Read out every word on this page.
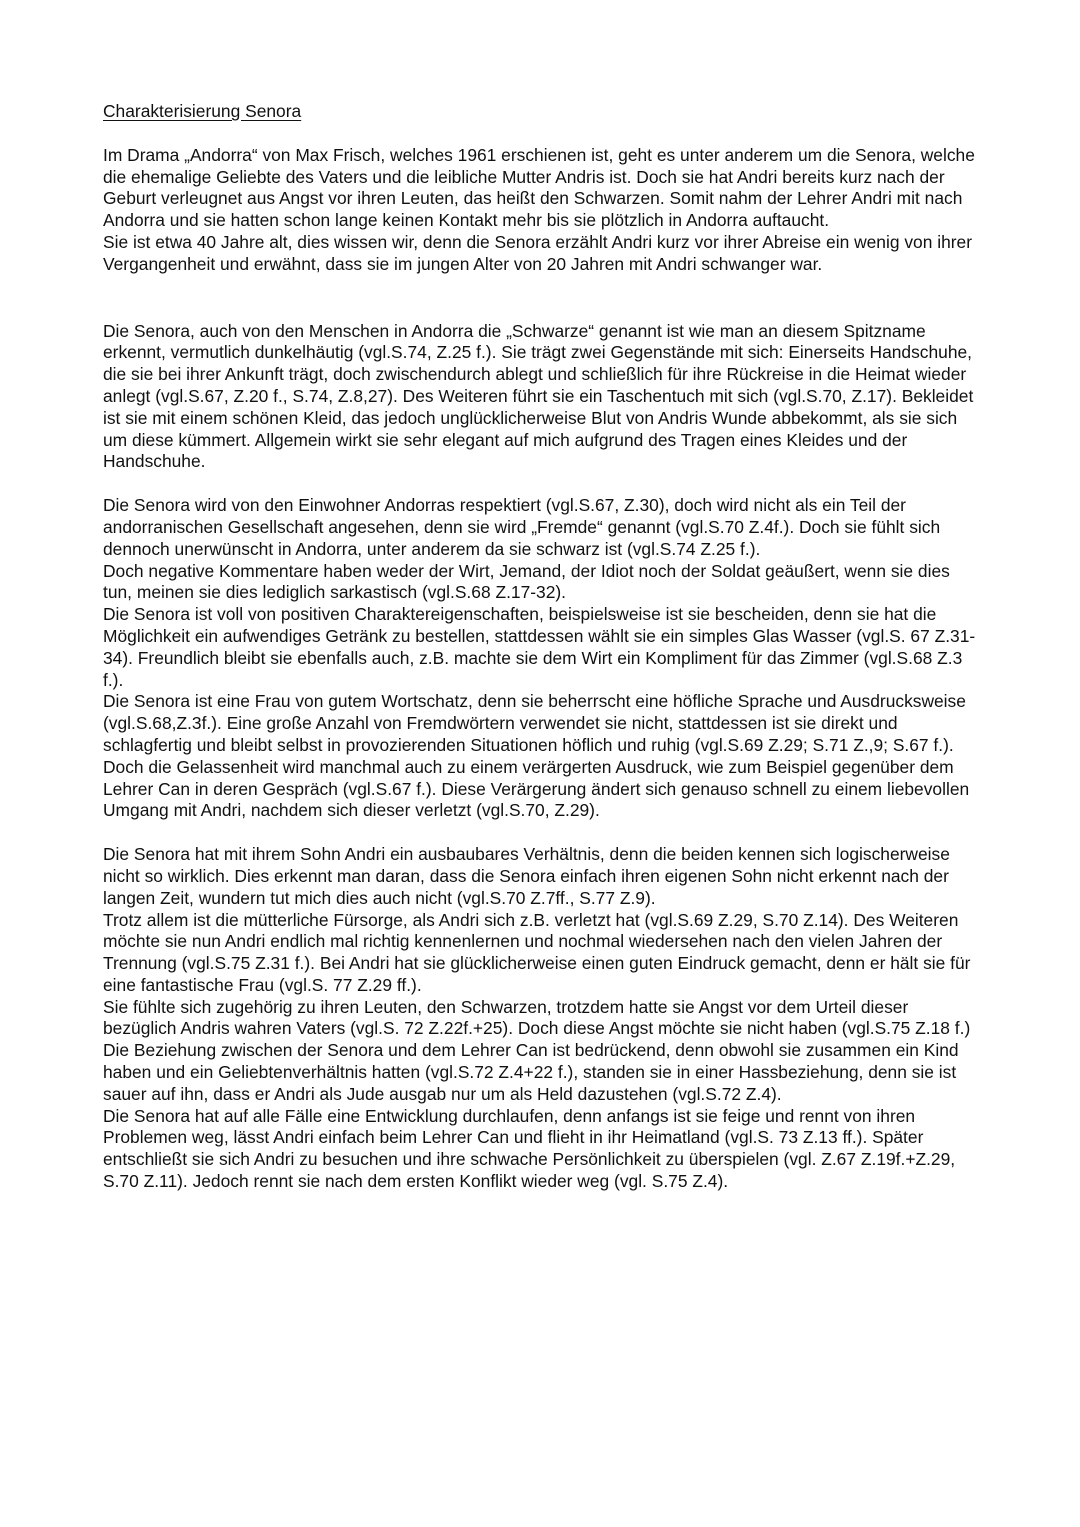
Charakterisierung Senora

Im Drama „Andorra“ von Max Frisch, welches 1961 erschienen ist, geht es unter anderem um die Senora, welche die ehemalige Geliebte des Vaters und die leibliche Mutter Andris ist. Doch sie hat Andri bereits kurz nach der Geburt verleugnet aus Angst vor ihren Leuten, das heißt den Schwarzen. Somit nahm der Lehrer Andri mit nach Andorra und sie hatten schon lange keinen Kontakt mehr bis sie plötzlich in Andorra auftaucht.

Sie ist etwa 40 Jahre alt, dies wissen wir, denn die Senora erzählt Andri kurz vor ihrer Abreise ein wenig von ihrer Vergangenheit und erwähnt, dass sie im jungen Alter von 20 Jahren mit Andri schwanger war.

Die Senora, auch von den Menschen in Andorra die „Schwarze“ genannt ist wie man an diesem Spitzname erkennt, vermutlich dunkelhäutig (vgl.S.74, Z.25 f.). Sie trägt zwei Gegenstände mit sich: Einerseits Handschuhe, die sie bei ihrer Ankunft trägt, doch zwischendurch ablegt und schließlich für ihre Rückreise in die Heimat wieder anlegt (vgl.S.67, Z.20 f., S.74, Z.8,27). Des Weiteren führt sie ein Taschentuch mit sich (vgl.S.70, Z.17). Bekleidet ist sie mit einem schönen Kleid, das jedoch unglücklicherweise Blut von Andris Wunde abbekommt, als sie sich um diese kümmert. Allgemein wirkt sie sehr elegant auf mich aufgrund des Tragen eines Kleides und der Handschuhe.

Die Senora wird von den Einwohner Andorras respektiert (vgl.S.67, Z.30), doch wird nicht als ein Teil der andorranischen Gesellschaft angesehen, denn sie wird „Fremde“ genannt (vgl.S.70 Z.4f.). Doch sie fühlt sich dennoch unerwünscht in Andorra, unter anderem da sie schwarz ist (vgl.S.74 Z.25 f.).

Doch negative Kommentare haben weder der Wirt, Jemand, der Idiot noch der Soldat geäußert, wenn sie dies tun, meinen sie dies lediglich sarkastisch (vgl.S.68 Z.17-32).

Die Senora ist voll von positiven Charaktereigenschaften, beispielsweise ist sie bescheiden, denn sie hat die Möglichkeit ein aufwendiges Getränk zu bestellen, stattdessen wählt sie ein simples Glas Wasser (vgl.S. 67 Z.31-34). Freundlich bleibt sie ebenfalls auch, z.B. machte sie dem Wirt ein Kompliment für das Zimmer (vgl.S.68 Z.3 f.).

Die Senora ist eine Frau von gutem Wortschatz, denn sie beherrscht eine höfliche Sprache und Ausdrucksweise (vgl.S.68,Z.3f.). Eine große Anzahl von Fremdwörtern verwendet sie nicht, stattdessen ist sie direkt und schlagfertig und bleibt selbst in provozierenden Situationen höflich und ruhig (vgl.S.69 Z.29; S.71 Z.,9; S.67 f.). Doch die Gelassenheit wird manchmal auch zu einem verärgerten Ausdruck, wie zum Beispiel gegenüber dem Lehrer Can in deren Gespräch (vgl.S.67 f.). Diese Verärgerung ändert sich genauso schnell zu einem liebevollen Umgang mit Andri, nachdem sich dieser verletzt (vgl.S.70, Z.29).

Die Senora hat mit ihrem Sohn Andri ein ausbaubares Verhältnis, denn die beiden kennen sich logischerweise nicht so wirklich. Dies erkennt man daran, dass die Senora einfach ihren eigenen Sohn nicht erkennt nach der langen Zeit, wundern tut mich dies auch nicht (vgl.S.70 Z.7ff., S.77 Z.9).

Trotz allem ist die mütterliche Fürsorge, als Andri sich z.B. verletzt hat (vgl.S.69 Z.29, S.70 Z.14). Des Weiteren möchte sie nun Andri endlich mal richtig kennenlernen und nochmal wiedersehen nach den vielen Jahren der Trennung (vgl.S.75 Z.31 f.). Bei Andri hat sie glücklicherweise einen guten Eindruck gemacht, denn er hält sie für eine fantastische Frau (vgl.S. 77 Z.29 ff.).

Sie fühlte sich zugehörig zu ihren Leuten, den Schwarzen, trotzdem hatte sie Angst vor dem Urteil dieser bezüglich Andris wahren Vaters (vgl.S. 72 Z.22f.+25). Doch diese Angst möchte sie nicht haben (vgl.S.75 Z.18 f.)

Die Beziehung zwischen der Senora und dem Lehrer Can ist bedrückend, denn obwohl sie zusammen ein Kind haben und ein Geliebtenverhältnis hatten (vgl.S.72 Z.4+22 f.), standen sie in einer Hassbeziehung, denn sie ist sauer auf ihn, dass er Andri als Jude ausgab nur um als Held dazustehen (vgl.S.72 Z.4).

Die Senora hat auf alle Fälle eine Entwicklung durchlaufen, denn anfangs ist sie feige und rennt von ihren Problemen weg, lässt Andri einfach beim Lehrer Can und flieht in ihr Heimatland (vgl.S. 73 Z.13 ff.). Später entschließt sie sich Andri zu besuchen und ihre schwache Persönlichkeit zu überspielen (vgl. Z.67 Z.19f.+Z.29, S.70 Z.11). Jedoch rennt sie nach dem ersten Konflikt wieder weg (vgl. S.75 Z.4).
